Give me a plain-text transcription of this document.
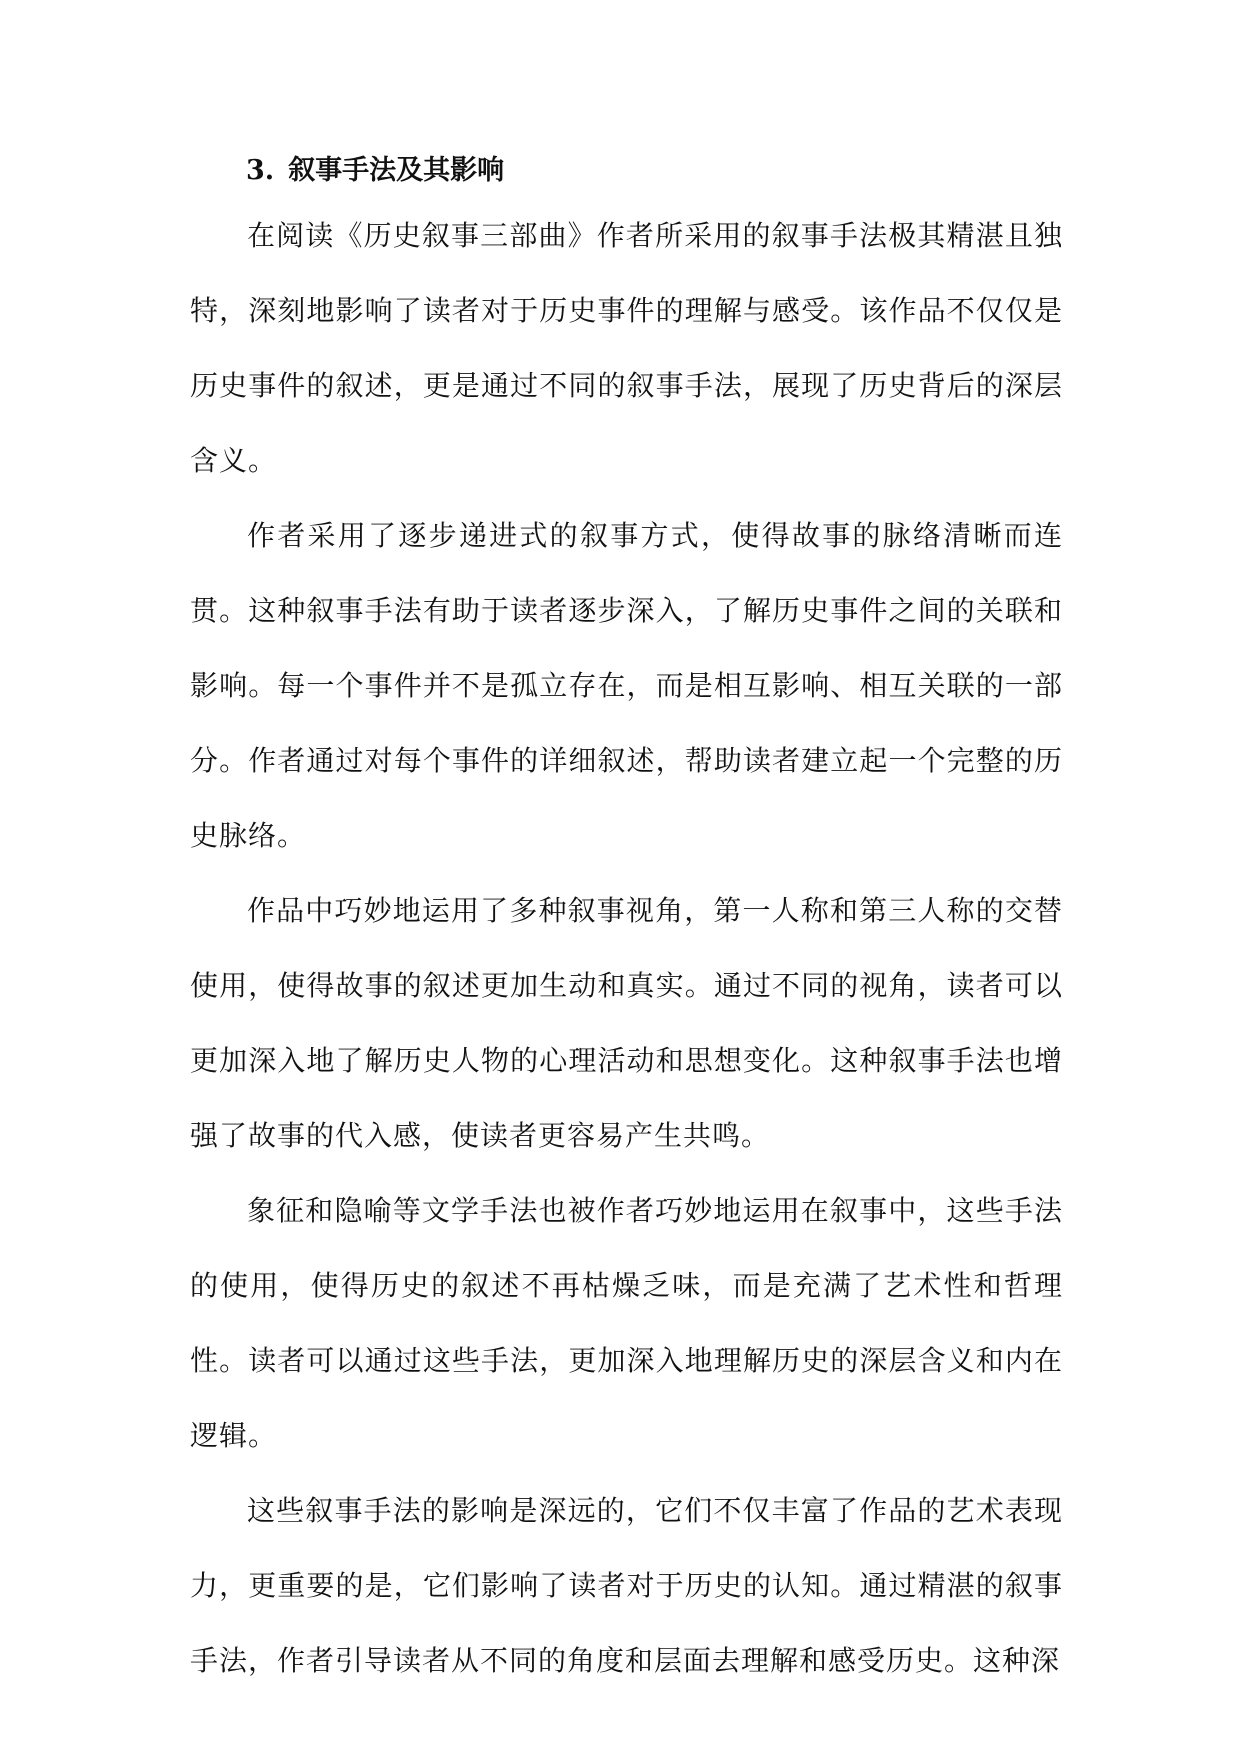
3. 叙事手法及其影响

在阅读《历史叙事三部曲》作者所采用的叙事手法极其精湛且独特，深刻地影响了读者对于历史事件的理解与感受。该作品不仅仅是历史事件的叙述，更是通过不同的叙事手法，展现了历史背后的深层含义。

作者采用了逐步递进式的叙事方式，使得故事的脉络清晰而连贯。这种叙事手法有助于读者逐步深入，了解历史事件之间的关联和影响。每一个事件并不是孤立存在，而是相互影响、相互关联的一部分。作者通过对每个事件的详细叙述，帮助读者建立起一个完整的历史脉络。

作品中巧妙地运用了多种叙事视角，第一人称和第三人称的交替使用，使得故事的叙述更加生动和真实。通过不同的视角，读者可以更加深入地了解历史人物的心理活动和思想变化。这种叙事手法也增强了故事的代入感，使读者更容易产生共鸣。

象征和隐喻等文学手法也被作者巧妙地运用在叙事中，这些手法的使用，使得历史的叙述不再枯燥乏味，而是充满了艺术性和哲理性。读者可以通过这些手法，更加深入地理解历史的深层含义和内在逻辑。

这些叙事手法的影响是深远的，它们不仅丰富了作品的艺术表现力，更重要的是，它们影响了读者对于历史的认知。通过精湛的叙事手法，作者引导读者从不同的角度和层面去理解和感受历史。这种深
